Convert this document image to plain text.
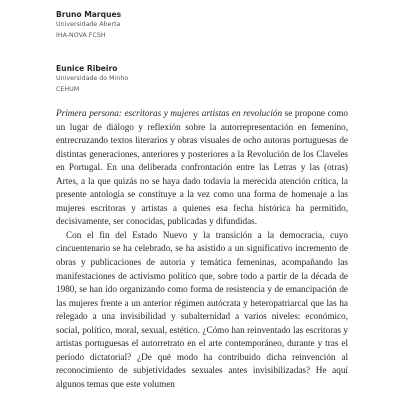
Bruno Marques
Universidade Aberta
IHA-NOVA FCSH
Eunice Ribeiro
Universidade do Minho
CEHUM

Primera persona: escritoras y mujeres artistas en revolución se propone como un lugar de diálogo y reflexión sobre la autorrepresentación en femenino, entrecruzando textos literarios y obras visuales de ocho autoras portuguesas de distintas generaciones, anteriores y posteriores a la Revolución de los Claveles en Portugal. En una deliberada confrontación entre las Letras y las (otras) Artes, a la que quizás no se haya dado todavía la merecida atención crítica, la presente antología se constituye a la vez como una forma de homenaje a las mujeres escritoras y artistas a quienes esa fecha histórica ha permitido, decisivamente, ser conocidas, publicadas y difundidas.

Con el fin del Estado Nuevo y la transición a la democracia, cuyo cincuentenario se ha celebrado, se ha asistido a un significativo incremento de obras y publicaciones de autoría y temática femeninas, acompañando las manifestaciones de activismo político que, sobre todo a partir de la década de 1980, se han ido organizando como forma de resistencia y de emancipación de las mujeres frente a un anterior régimen autócrata y heteropatriarcal que las ha relegado a una invisibilidad y subalternidad a varios niveles: económico, social, político, moral, sexual, estético. ¿Cómo han reinventado las escritoras y artistas portuguesas el autorretrato en el arte contemporáneo, durante y tras el período dictatorial? ¿De qué modo ha contribuido dicha reinvención al reconocimiento de subjetividades sexuales antes invisibilizadas? He aquí algunos temas que este volumen
